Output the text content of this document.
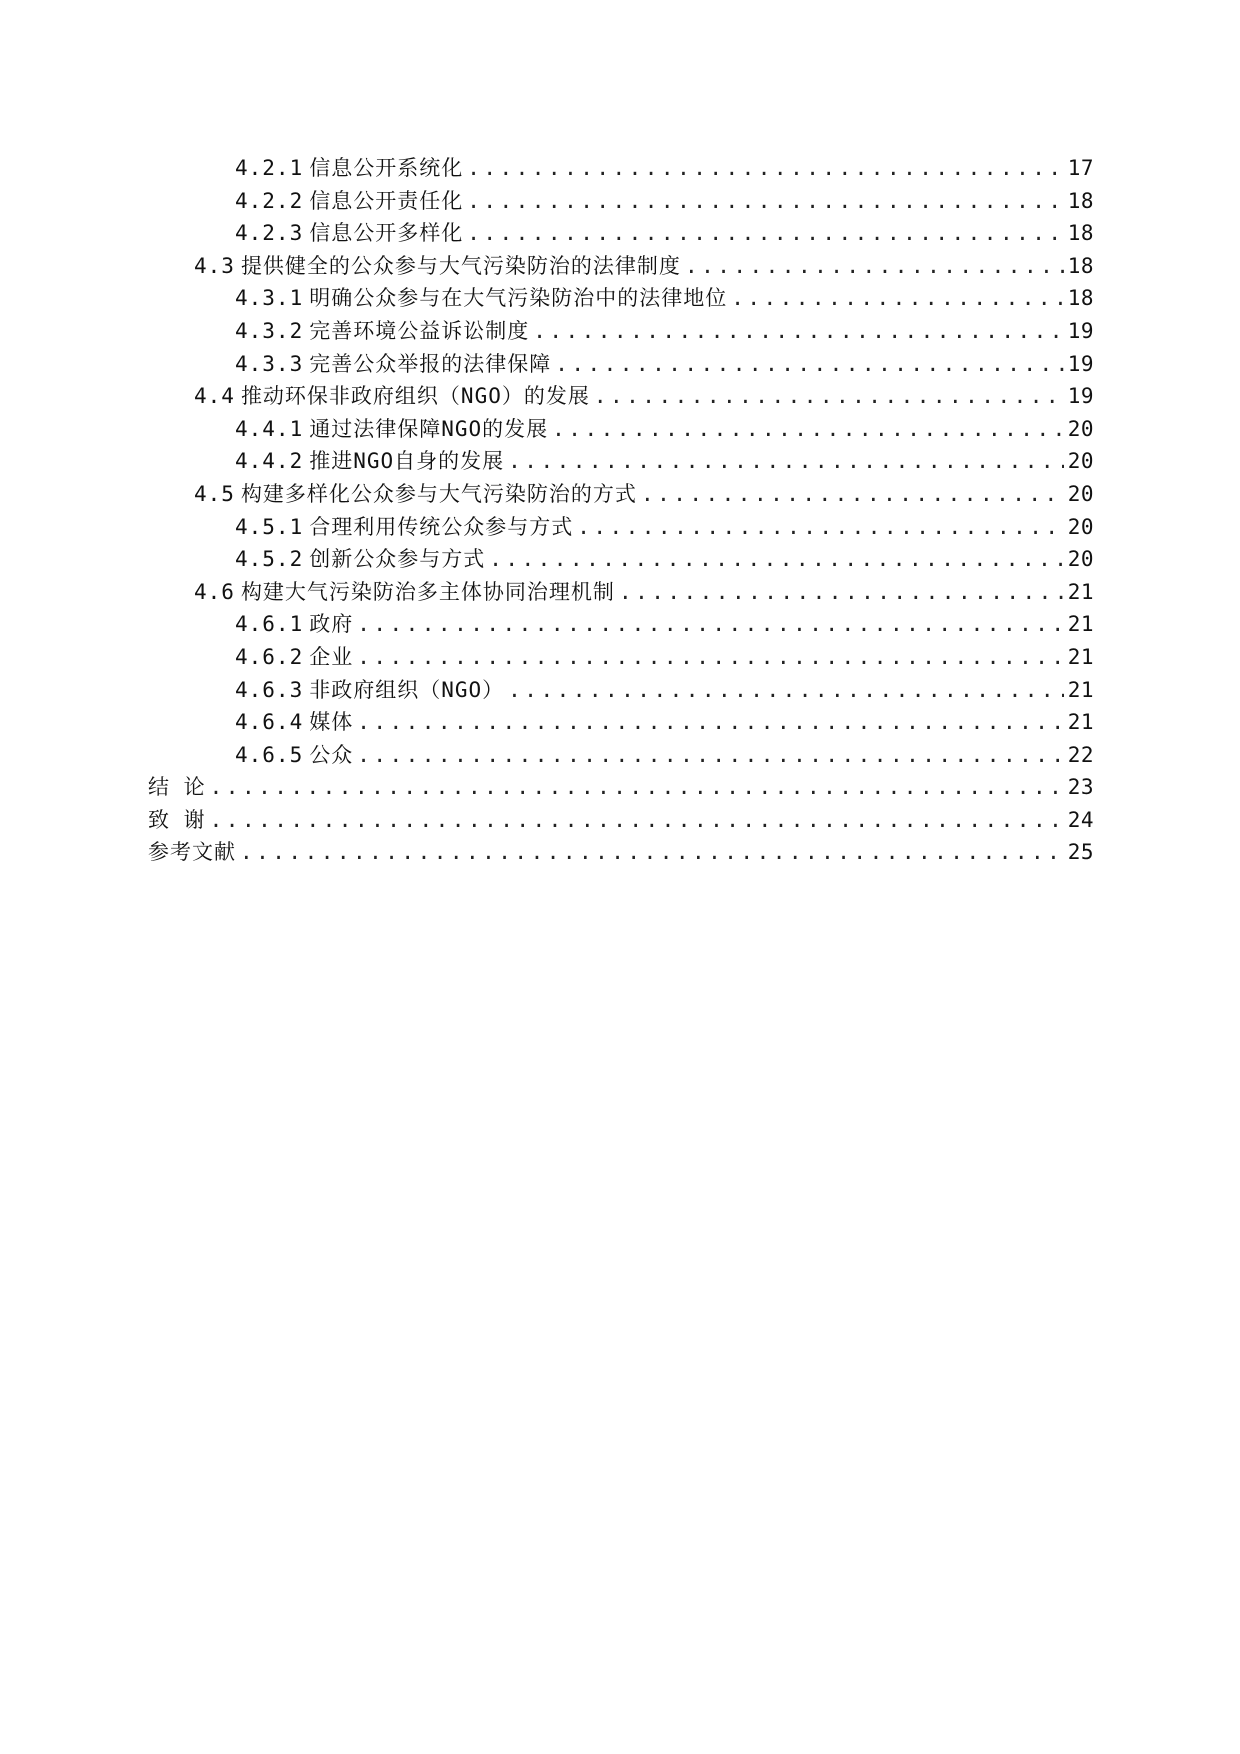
4.2.1 信息公开系统化 .....	17
4.2.2 信息公开责任化 .....	18
4.2.3 信息公开多样化 .....	18
4.3 提供健全的公众参与大气污染防治的法律制度 .....	18
4.3.1 明确公众参与在大气污染防治中的法律地位 .....	18
4.3.2 完善环境公益诉讼制度 .....	19
4.3.3 完善公众举报的法律保障 .....	19
4.4 推动环保非政府组织（NGO）的发展 .....	19
4.4.1 通过法律保障NGO的发展 .....	20
4.4.2 推进NGO自身的发展 .....	20
4.5 构建多样化公众参与大气污染防治的方式 .....	20
4.5.1 合理利用传统公众参与方式 .....	20
4.5.2 创新公众参与方式 .....	20
4.6 构建大气污染防治多主体协同治理机制 .....	21
4.6.1 政府 .....	21
4.6.2 企业 .....	21
4.6.3 非政府组织（NGO） .....	21
4.6.4 媒体 .....	21
4.6.5 公众 .....	22
结 论 .....	23
致 谢 .....	24
参考文献 .....	25
